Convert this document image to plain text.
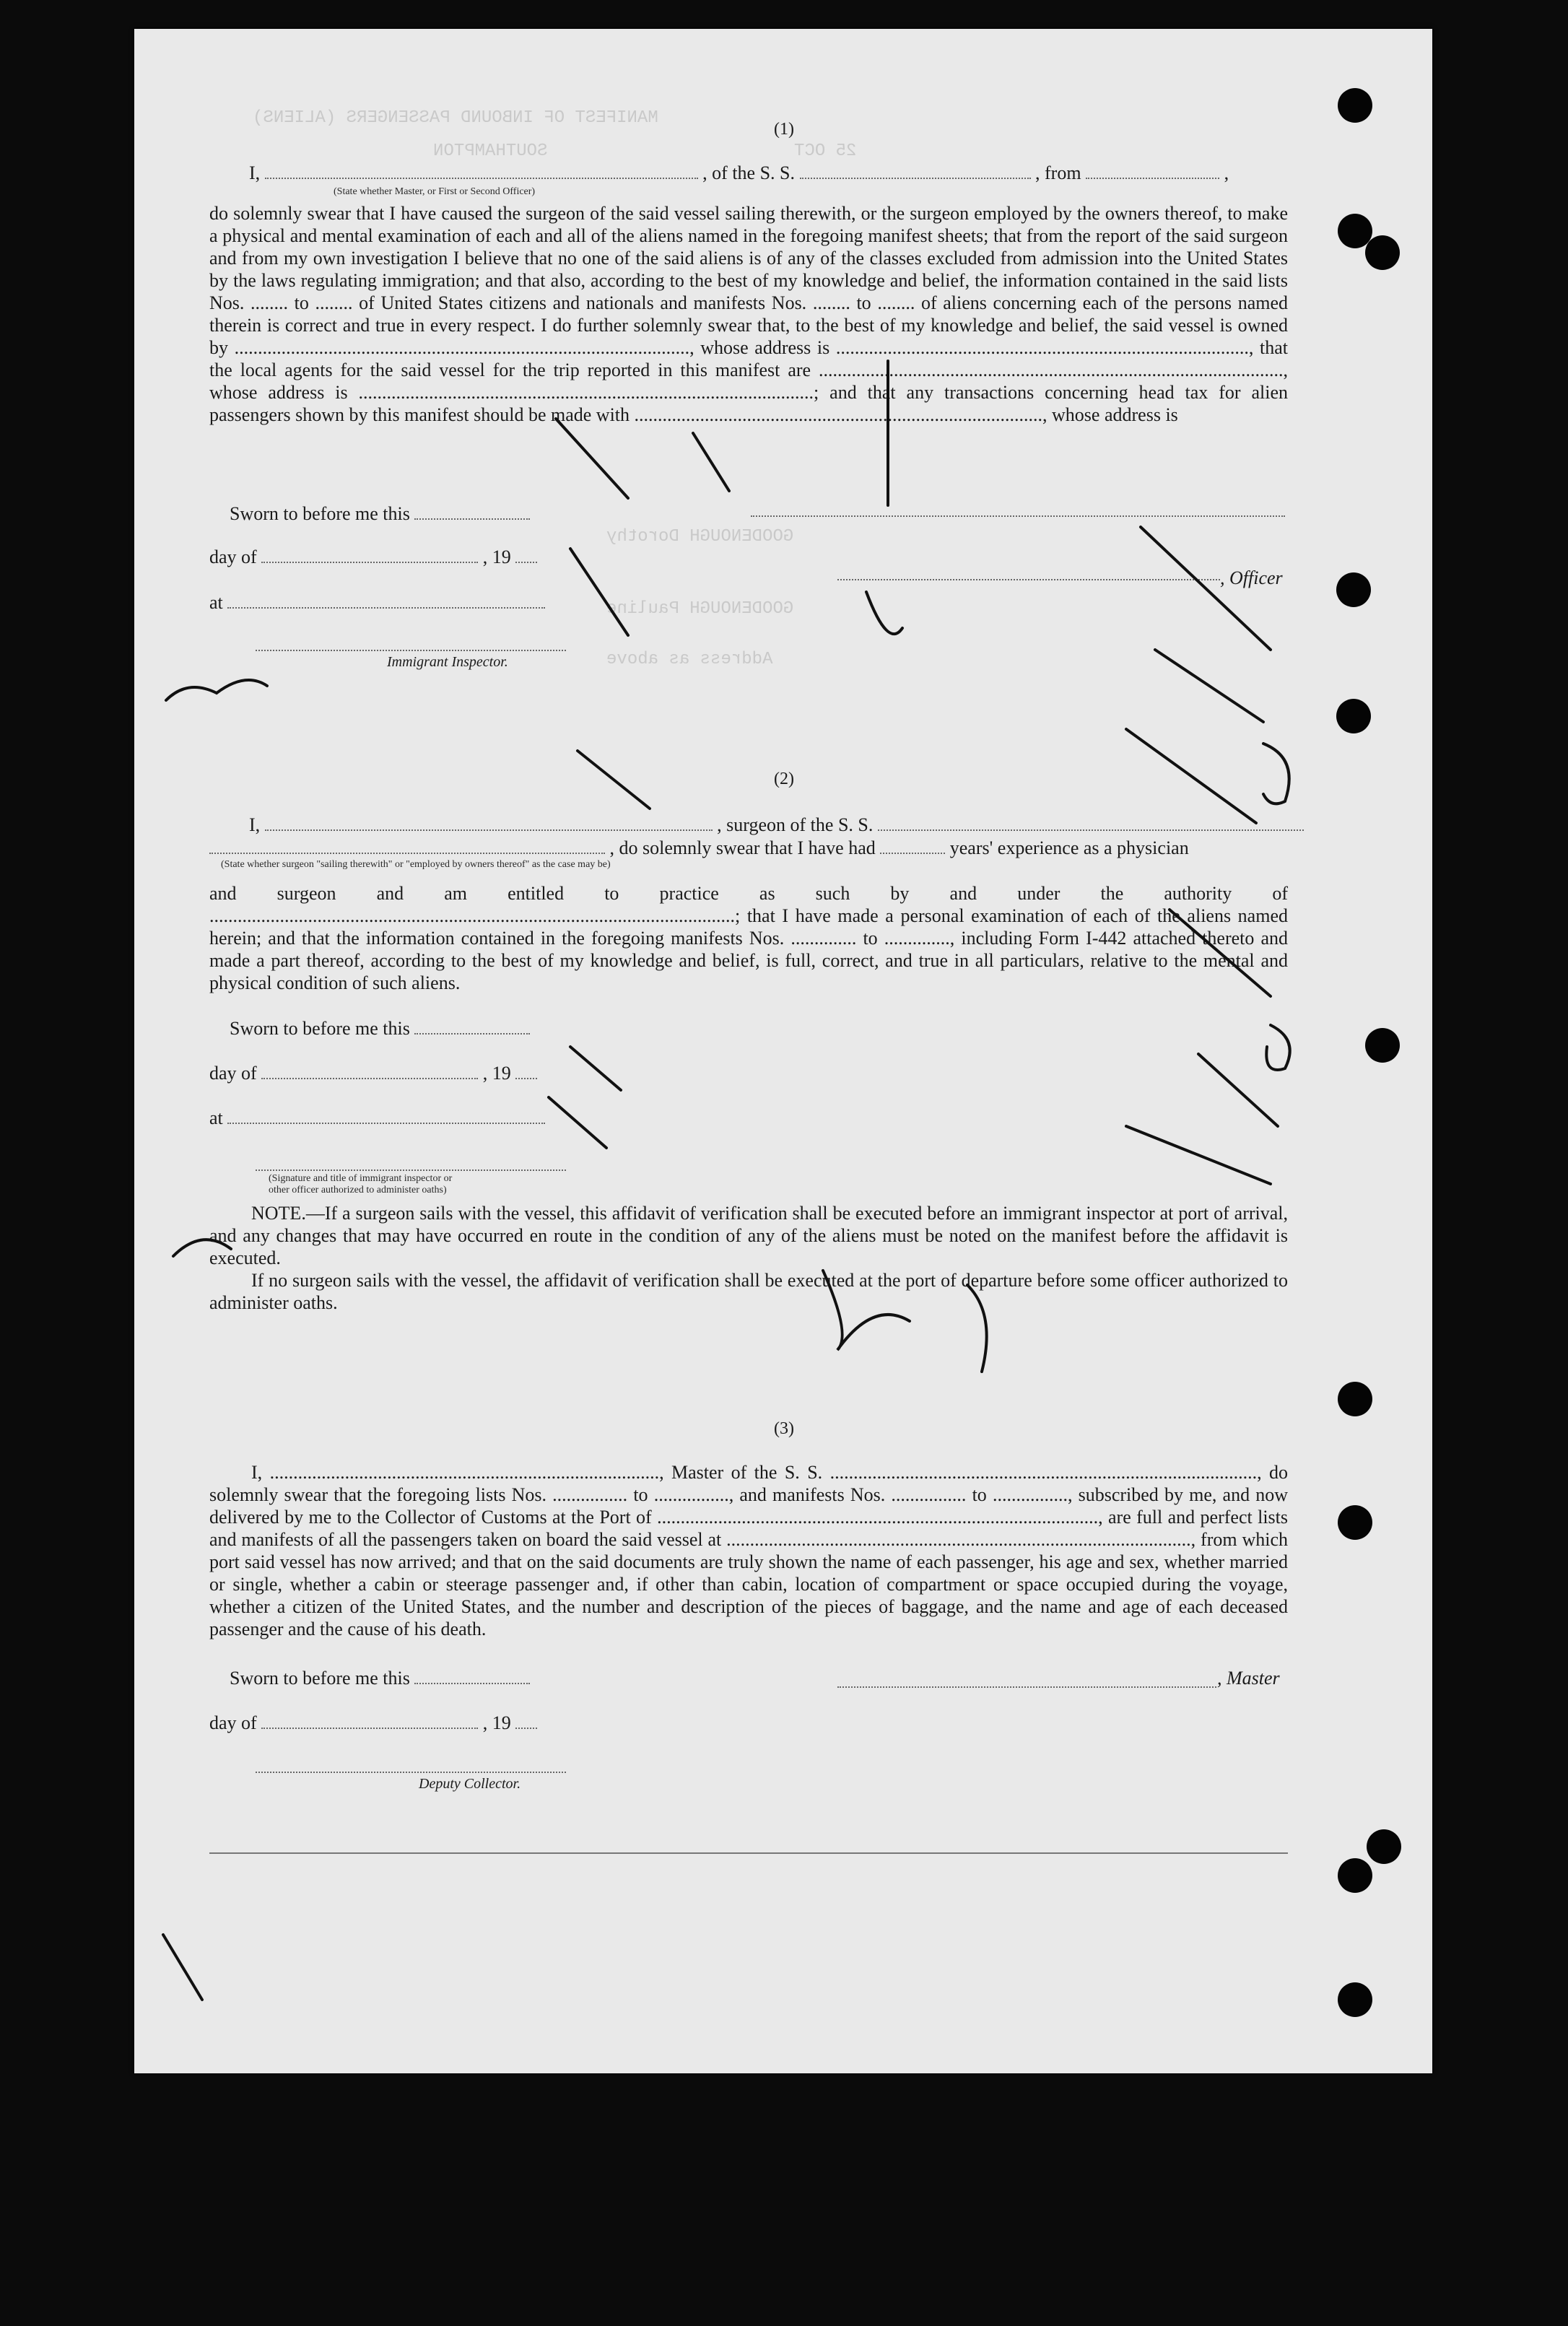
MANIFEST OF INBOUND PASSENGERS (ALIENS)
SOUTHAMPTON	25 OCT
GOODENOUGH Dorothy
GOODENOUGH Pauline
Address as above
(1)
I,	, of the S. S.	, from	,
(State whether Master, or First or Second Officer)
do solemnly swear that I have caused the surgeon of the said vessel sailing therewith, or the surgeon employed by the owners thereof, to make a physical and mental examination of each and all of the aliens named in the foregoing manifest sheets; that from the report of the said surgeon and from my own investigation I believe that no one of the said aliens is of any of the classes excluded from admission into the United States by the laws regulating immigration; and that also, according to the best of my knowledge and belief, the information contained in the said lists Nos. ........ to ........ of United States citizens and nationals and manifests Nos. ........ to ........ of aliens concerning each of the persons named therein is correct and true in every respect. I do further solemnly swear that, to the best of my knowledge and belief, the said vessel is owned by ................................................................................................., whose address is ........................................................................................, that the local agents for the said vessel for the trip reported in this manifest are ..................................................................................................., whose address is .................................................................................................; and that any transactions concerning head tax for alien passengers shown by this manifest should be made with ......................................................................................., whose address is
Sworn to before me this
, Officer
day of	, 19
at
Immigrant Inspector.
(2)
I,	, surgeon of the S. S.
, do solemnly swear that I have had	years' experience as a physician
(State whether surgeon "sailing therewith" or "employed by owners thereof" as the case may be)
and surgeon and am entitled to practice as such by and under the authority of ................................................................................................................; that I have made a personal examination of each of the aliens named herein; and that the information contained in the foregoing manifests Nos. .............. to .............., including Form I-442 attached thereto and made a part thereof, according to the best of my knowledge and belief, is full, correct, and true in all particulars, relative to the mental and physical condition of such aliens.
Sworn to before me this
day of	, 19
at
(Signature and title of immigrant inspector or
other officer authorized to administer oaths)
NOTE.—If a surgeon sails with the vessel, this affidavit of verification shall be executed before an immigrant inspector at port of arrival, and any changes that may have occurred en route in the condition of any of the aliens must be noted on the manifest before the affidavit is executed.
If no surgeon sails with the vessel, the affidavit of verification shall be executed at the port of departure before some officer authorized to administer oaths.
(3)
I, ..................................................................................., Master of the S. S. ..........................................................................................., do solemnly swear that the foregoing lists Nos. ................ to ................, and manifests Nos. ................ to ................, subscribed by me, and now delivered by me to the Collector of Customs at the Port of .............................................................................................., are full and perfect lists and manifests of all the passengers taken on board the said vessel at ..................................................................................................., from which port said vessel has now arrived; and that on the said documents are truly shown the name of each passenger, his age and sex, whether married or single, whether a cabin or steerage passenger and, if other than cabin, location of compartment or space occupied during the voyage, whether a citizen of the United States, and the number and description of the pieces of baggage, and the name and age of each deceased passenger and the cause of his death.
Sworn to before me this	, Master
day of	, 19
Deputy Collector.
